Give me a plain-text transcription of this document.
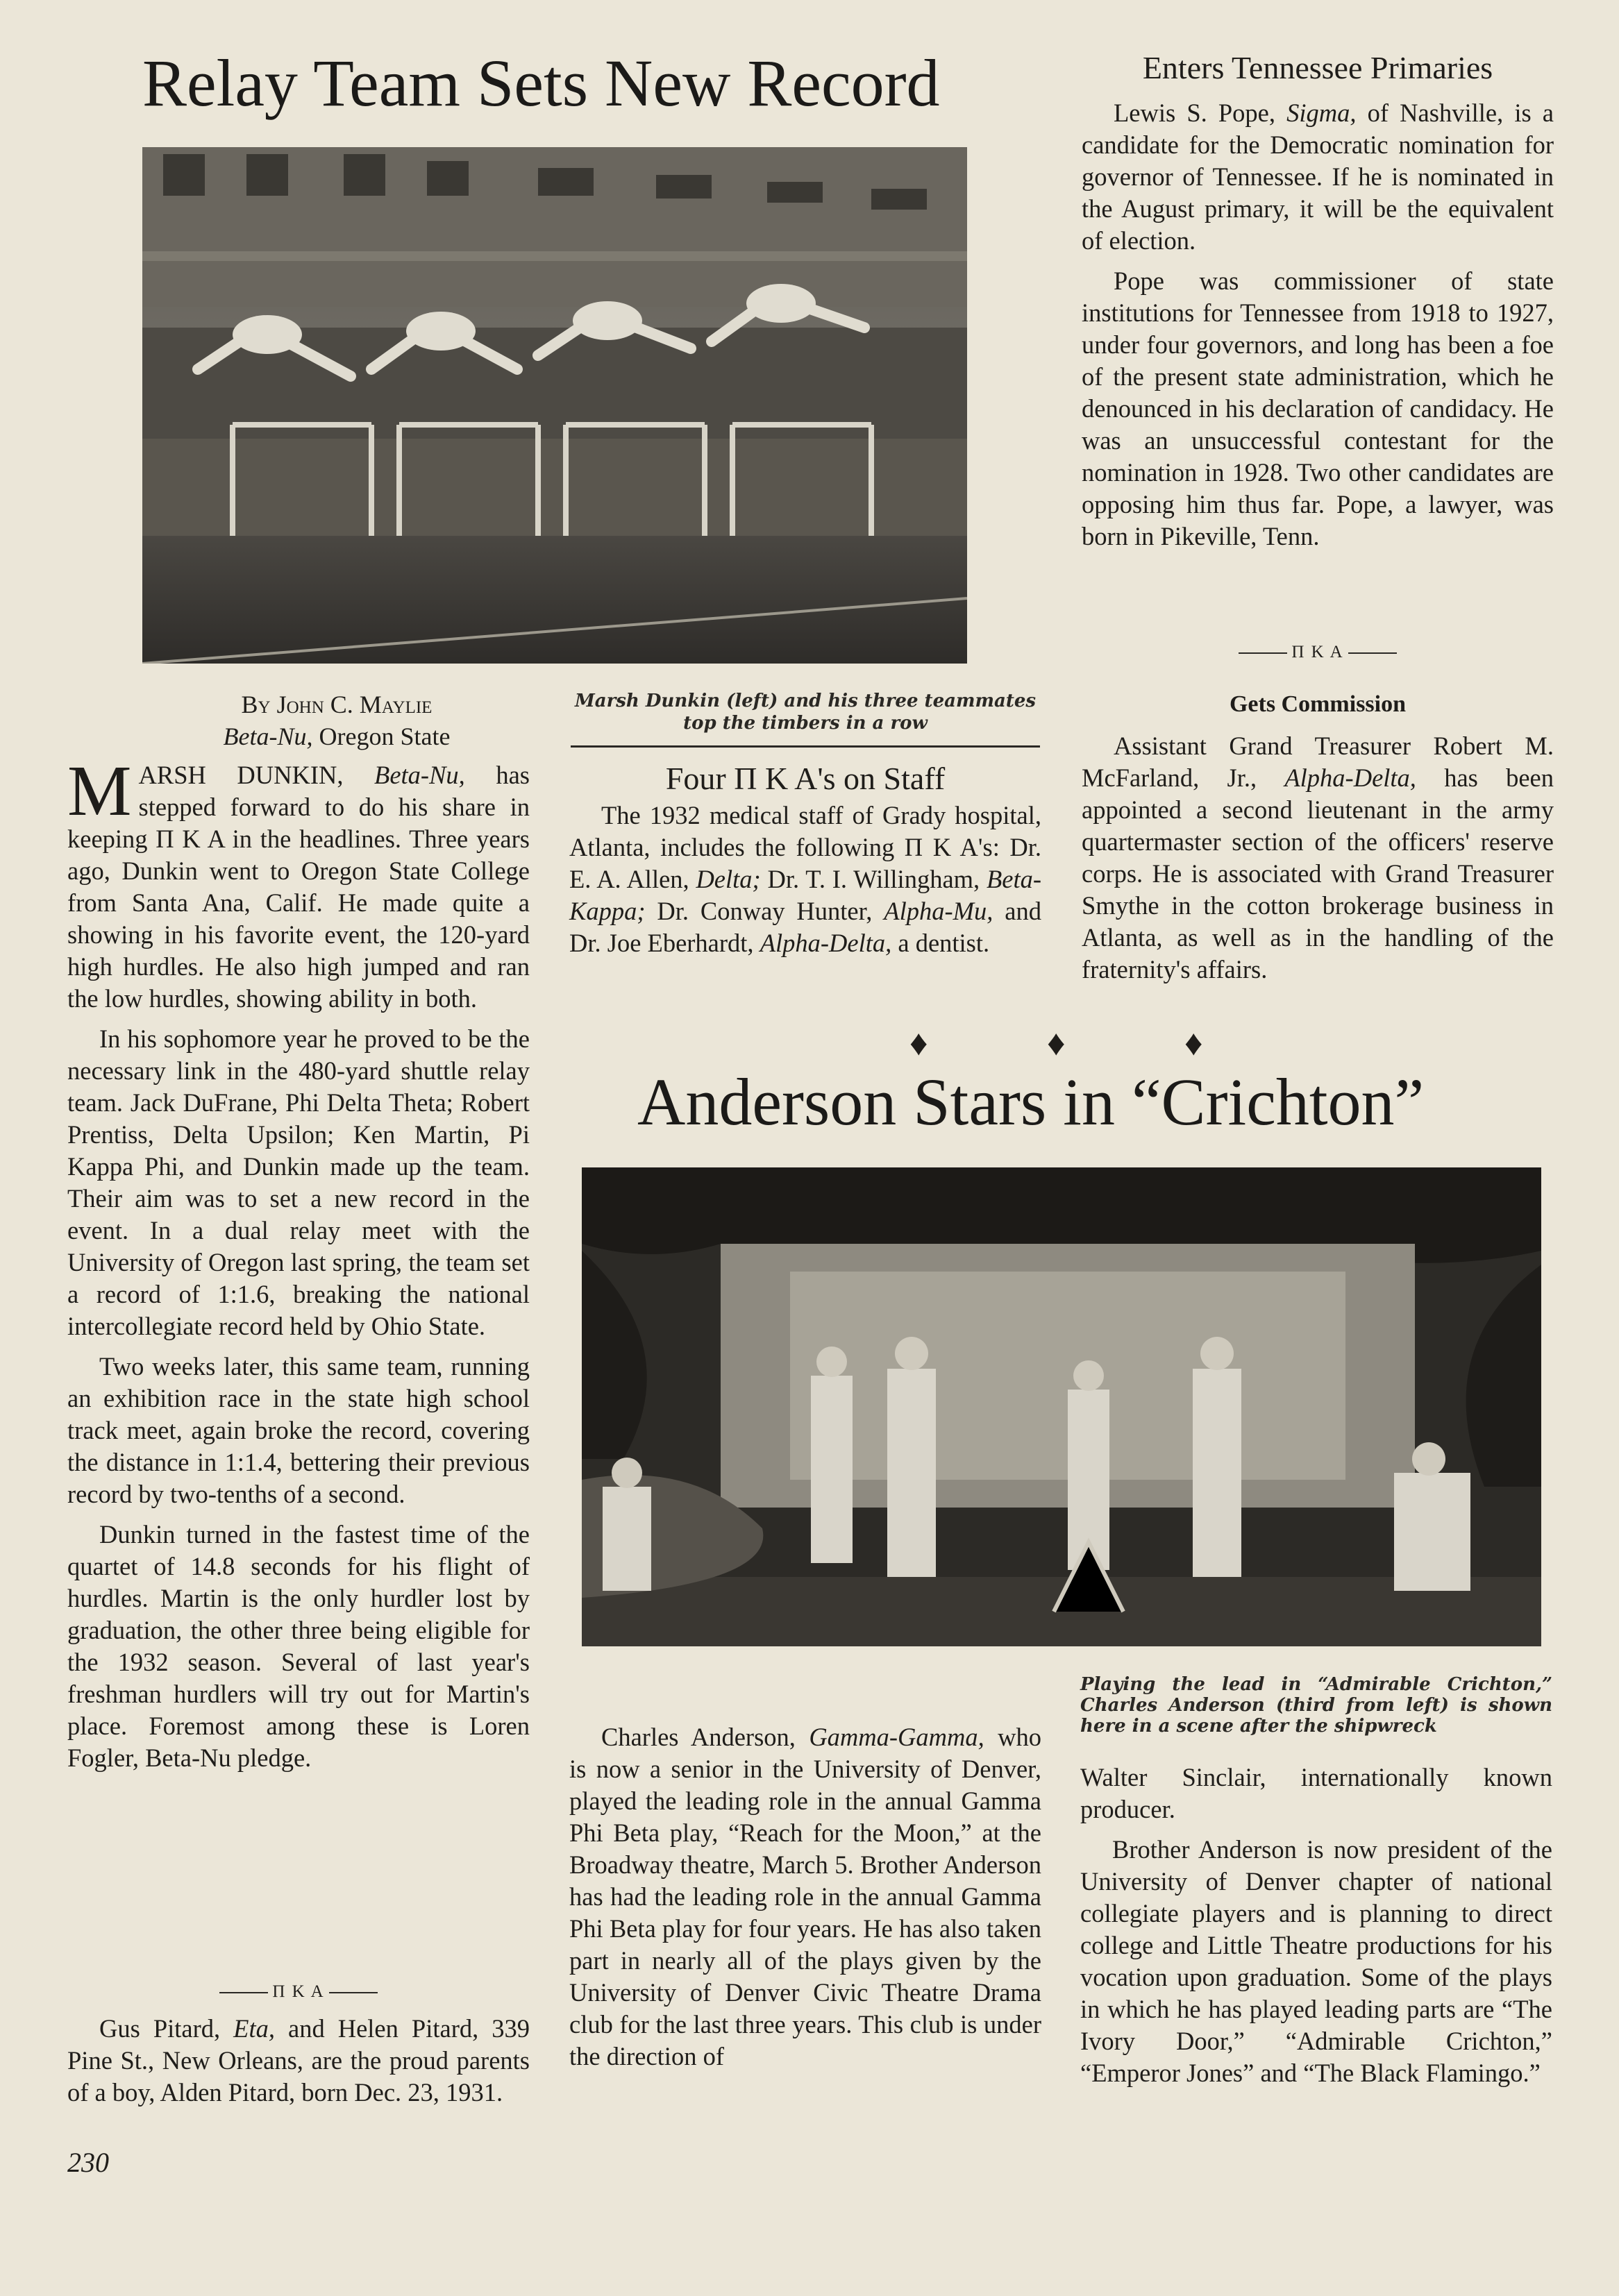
Relay Team Sets New Record
Marsh Dunkin (left) and his three teammates top the timbers in a row
By John C. Maylie
Beta-Nu, Oregon State

MARSH DUNKIN, Beta-Nu, has stepped forward to do his share in keeping Π K A in the headlines. Three years ago, Dunkin went to Oregon State College from Santa Ana, Calif. He made quite a showing in his favorite event, the 120-yard high hurdles. He also high jumped and ran the low hurdles, showing ability in both.

In his sophomore year he proved to be the necessary link in the 480-yard shuttle relay team. Jack DuFrane, Phi Delta Theta; Robert Prentiss, Delta Upsilon; Ken Martin, Pi Kappa Phi, and Dunkin made up the team. Their aim was to set a new record in the event. In a dual relay meet with the University of Oregon last spring, the team set a record of 1:1.6, breaking the national intercollegiate record held by Ohio State.

Two weeks later, this same team, running an exhibition race in the state high school track meet, again broke the record, covering the distance in 1:1.4, bettering their previous record by two-tenths of a second.

Dunkin turned in the fastest time of the quartet of 14.8 seconds for his flight of hurdles. Martin is the only hurdler lost by graduation, the other three being eligible for the 1932 season. Several of last year's freshman hurdlers will try out for Martin's place. Foremost among these is Loren Fogler, Beta-Nu pledge.

Π K A

Gus Pitard, Eta, and Helen Pitard, 339 Pine St., New Orleans, are the proud parents of a boy, Alden Pitard, born Dec. 23, 1931.

230
Four Π K A's on Staff

The 1932 medical staff of Grady hospital, Atlanta, includes the following Π K A's: Dr. E. A. Allen, Delta; Dr. T. I. Willingham, Beta-Kappa; Dr. Conway Hunter, Alpha-Mu, and Dr. Joe Eberhardt, Alpha-Delta, a dentist.

Enters Tennessee Primaries

Lewis S. Pope, Sigma, of Nashville, is a candidate for the Democratic nomination for governor of Tennessee. If he is nominated in the August primary, it will be the equivalent of election.

Pope was commissioner of state institutions for Tennessee from 1918 to 1927, under four governors, and long has been a foe of the present state administration, which he denounced in his declaration of candidacy. He was an unsuccessful contestant for the nomination in 1928. Two other candidates are opposing him thus far. Pope, a lawyer, was born in Pikeville, Tenn.

Π K A
Gets Commission

Assistant Grand Treasurer Robert M. McFarland, Jr., Alpha-Delta, has been appointed a second lieutenant in the army quartermaster section of the officers' reserve corps. He is associated with Grand Treasurer Smythe in the cotton brokerage business in Atlanta, as well as in the handling of the fraternity's affairs.

♦	♦	♦
Anderson Stars in “Crichton”
Playing the lead in “Admirable Crichton,” Charles Anderson (third from left) is shown here in a scene after the shipwreck

Charles Anderson, Gamma-Gamma, who is now a senior in the University of Denver, played the leading role in the annual Gamma Phi Beta play, “Reach for the Moon,” at the Broadway theatre, March 5. Brother Anderson has had the leading role in the annual Gamma Phi Beta play for four years. He has also taken part in nearly all of the plays given by the University of Denver Civic Theatre Drama club for the last three years. This club is under the direction of

Walter Sinclair, internationally known producer.

Brother Anderson is now president of the University of Denver chapter of national collegiate players and is planning to direct college and Little Theatre productions for his vocation upon graduation. Some of the plays in which he has played leading parts are “The Ivory Door,” “Admirable Crichton,” “Emperor Jones” and “The Black Flamingo.”
